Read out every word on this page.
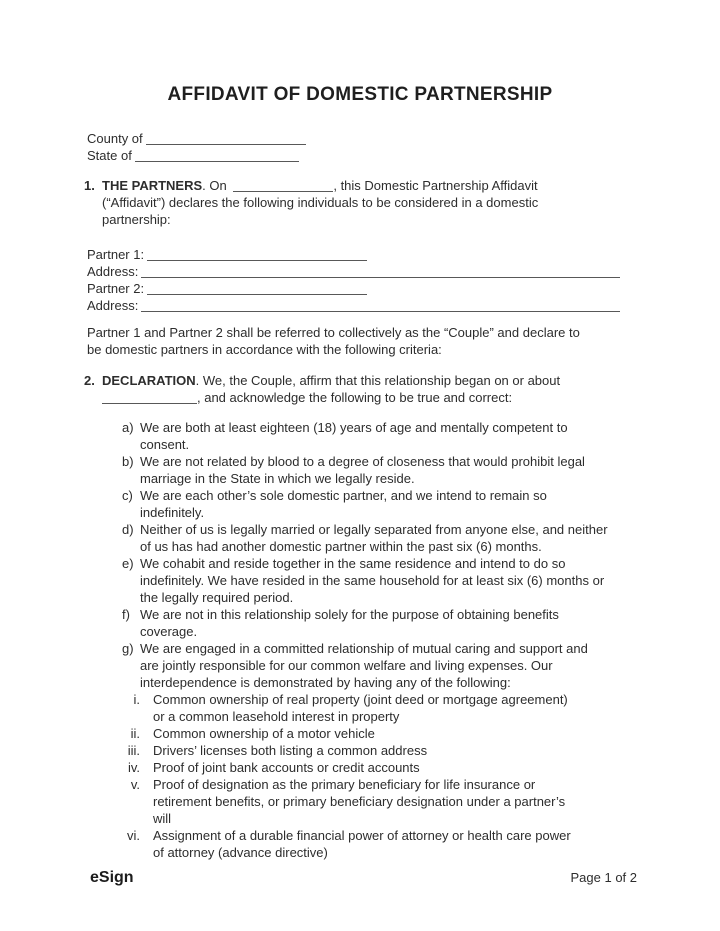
AFFIDAVIT OF DOMESTIC PARTNERSHIP
County of
State of
1. THE PARTNERS. On	, this Domestic Partnership Affidavit
(“Affidavit”) declares the following individuals to be considered in a domestic
partnership:
Partner 1:
Address:
Partner 2:
Address:
Partner 1 and Partner 2 shall be referred to collectively as the “Couple” and declare to
be domestic partners in accordance with the following criteria:
2. DECLARATION. We, the Couple, affirm that this relationship began on or about
, and acknowledge the following to be true and correct:
a) We are both at least eighteen (18) years of age and mentally competent to
consent.
b) We are not related by blood to a degree of closeness that would prohibit legal
marriage in the State in which we legally reside.
c) We are each other’s sole domestic partner, and we intend to remain so
indefinitely.
d) Neither of us is legally married or legally separated from anyone else, and neither
of us has had another domestic partner within the past six (6) months.
e) We cohabit and reside together in the same residence and intend to do so
indefinitely. We have resided in the same household for at least six (6) months or
the legally required period.
f) We are not in this relationship solely for the purpose of obtaining benefits
coverage.
g) We are engaged in a committed relationship of mutual caring and support and
are jointly responsible for our common welfare and living expenses. Our
interdependence is demonstrated by having any of the following:
i. Common ownership of real property (joint deed or mortgage agreement)
or a common leasehold interest in property
ii. Common ownership of a motor vehicle
iii. Drivers’ licenses both listing a common address
iv. Proof of joint bank accounts or credit accounts
v. Proof of designation as the primary beneficiary for life insurance or
retirement benefits, or primary beneficiary designation under a partner’s
will
vi. Assignment of a durable financial power of attorney or health care power
of attorney (advance directive)
eSign	Page 1 of 2
